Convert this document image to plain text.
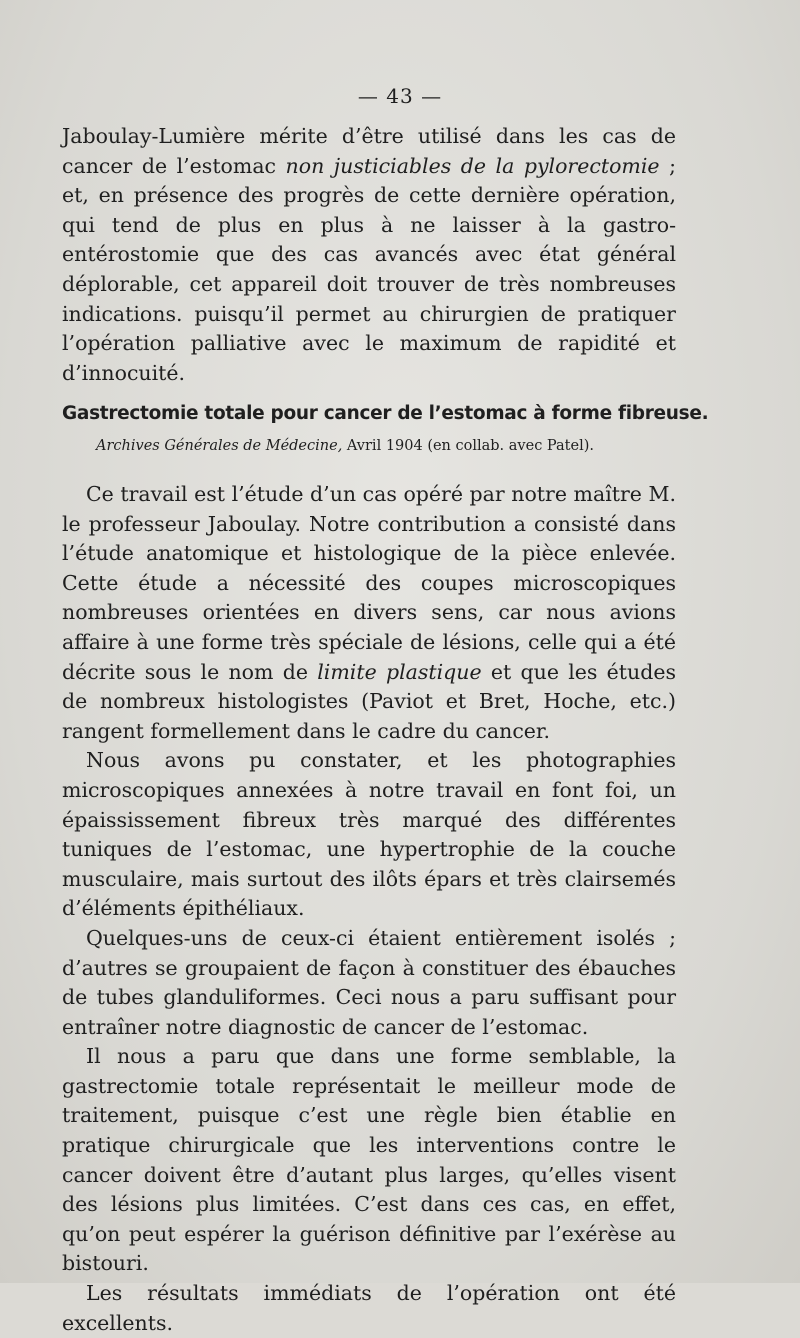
— 43 —
Jaboulay-Lumière mérite d’être utilisé dans les cas de cancer de l’estomac non justiciables de la pylorectomie ; et, en présence des progrès de cette dernière opération, qui tend de plus en plus à ne laisser à la gastro- entérostomie que des cas avancés avec état général déplorable, cet appareil doit trouver de très nombreuses indications. puisqu’il permet au chirurgien de pratiquer l’opération palliative avec le maximum de rapidité et d’innocuité.
Gastrectomie totale pour cancer de l’estomac à forme fibreuse.
Archives Générales de Médecine, Avril 1904 (en collab. avec Patel).

Ce travail est l’étude d’un cas opéré par notre maître M. le professeur Jaboulay. Notre contribution a consisté dans l’étude anatomique et histologique de la pièce enlevée. Cette étude a nécessité des coupes microscopiques nombreuses orientées en divers sens, car nous avions affaire à une forme très spéciale de lésions, celle qui a été décrite sous le nom de limite plastique et que les études de nombreux histologistes (Paviot et Bret, Hoche, etc.) rangent formellement dans le cadre du cancer.

Nous avons pu constater, et les photographies microscopiques annexées à notre travail en font foi, un épaississement fibreux très marqué des différentes tuniques de l’estomac, une hypertrophie de la couche musculaire, mais surtout des ilôts épars et très clairsemés d’éléments épithéliaux.

Quelques-uns de ceux-ci étaient entièrement isolés ; d’autres se groupaient de façon à constituer des ébauches de tubes glanduliformes. Ceci nous a paru suffisant pour entraîner notre diagnostic de cancer de l’estomac.

Il nous a paru que dans une forme semblable, la gastrectomie totale représentait le meilleur mode de traitement, puisque c’est une règle bien établie en pratique chirurgicale que les interventions contre le cancer doivent être d’autant plus larges, qu’elles visent des lésions plus limitées. C’est dans ces cas, en effet, qu’on peut espérer la guérison définitive par l’exérèse au bistouri.

Les résultats immédiats de l’opération ont été excellents.
